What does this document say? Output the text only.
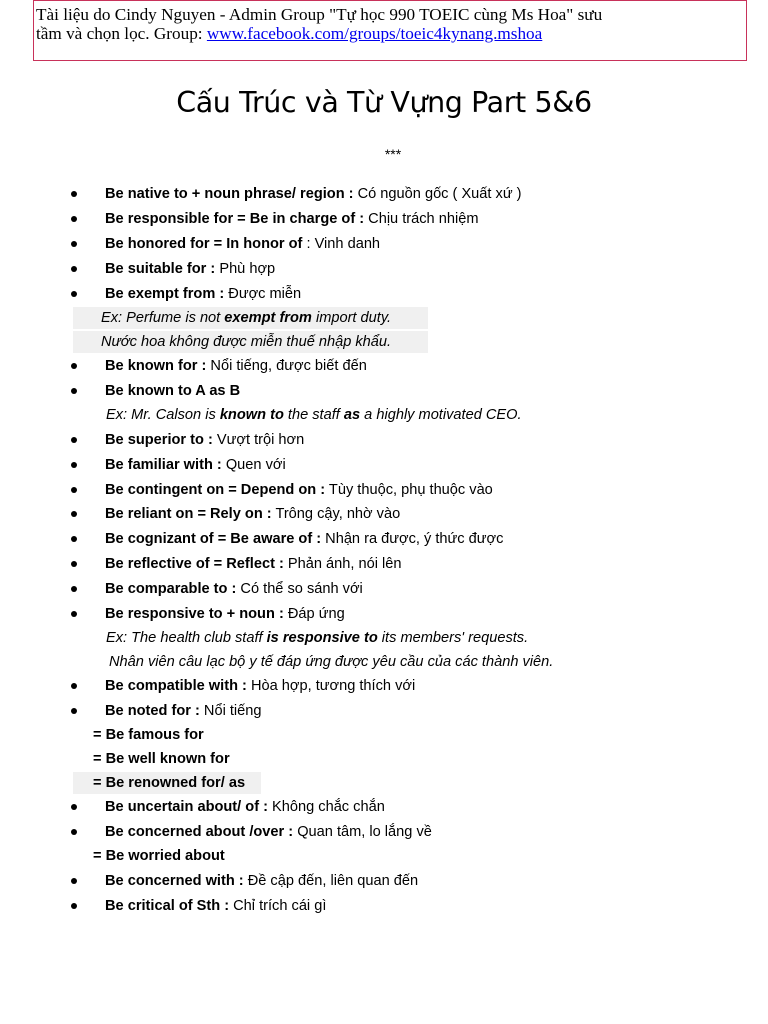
Tài liệu do Cindy Nguyen - Admin Group "Tự học 990 TOEIC cùng Ms Hoa" sưu
tầm và chọn lọc. Group: www.facebook.com/groups/toeic4kynang.mshoa
Cấu Trúc và Từ Vựng Part 5&6
***
Be native to + noun phrase/ region : Có nguồn gốc ( Xuất xứ )
Be responsible for = Be in charge of : Chịu trách nhiệm
Be honored for = In honor of : Vinh danh
Be suitable for : Phù hợp
Be exempt from : Được miễn
Ex: Perfume is not exempt from import duty.
Nước hoa không được miễn thuế nhập khẩu.
Be known for : Nổi tiếng, được biết đến
Be known to A as B
Ex: Mr. Calson is known to the staff as a highly motivated CEO.
Be superior to : Vượt trội hơn
Be familiar with : Quen với
Be contingent on = Depend on : Tùy thuộc, phụ thuộc vào
Be reliant on = Rely on : Trông cậy, nhờ vào
Be cognizant of = Be aware of : Nhận ra được, ý thức được
Be reflective of = Reflect : Phản ánh, nói lên
Be comparable to : Có thể so sánh với
Be responsive to + noun : Đáp ứng
Ex: The health club staff is responsive to its members' requests.
Nhân viên câu lạc bộ y tế đáp ứng được yêu cầu của các thành viên.
Be compatible with : Hòa hợp, tương thích với
Be noted for : Nổi tiếng
= Be famous for
= Be well known for
= Be renowned for/ as
Be uncertain about/ of : Không chắc chắn
Be concerned about /over : Quan tâm, lo lắng về
= Be worried about
Be concerned with : Đề cập đến, liên quan đến
Be critical of Sth : Chỉ trích cái gì
